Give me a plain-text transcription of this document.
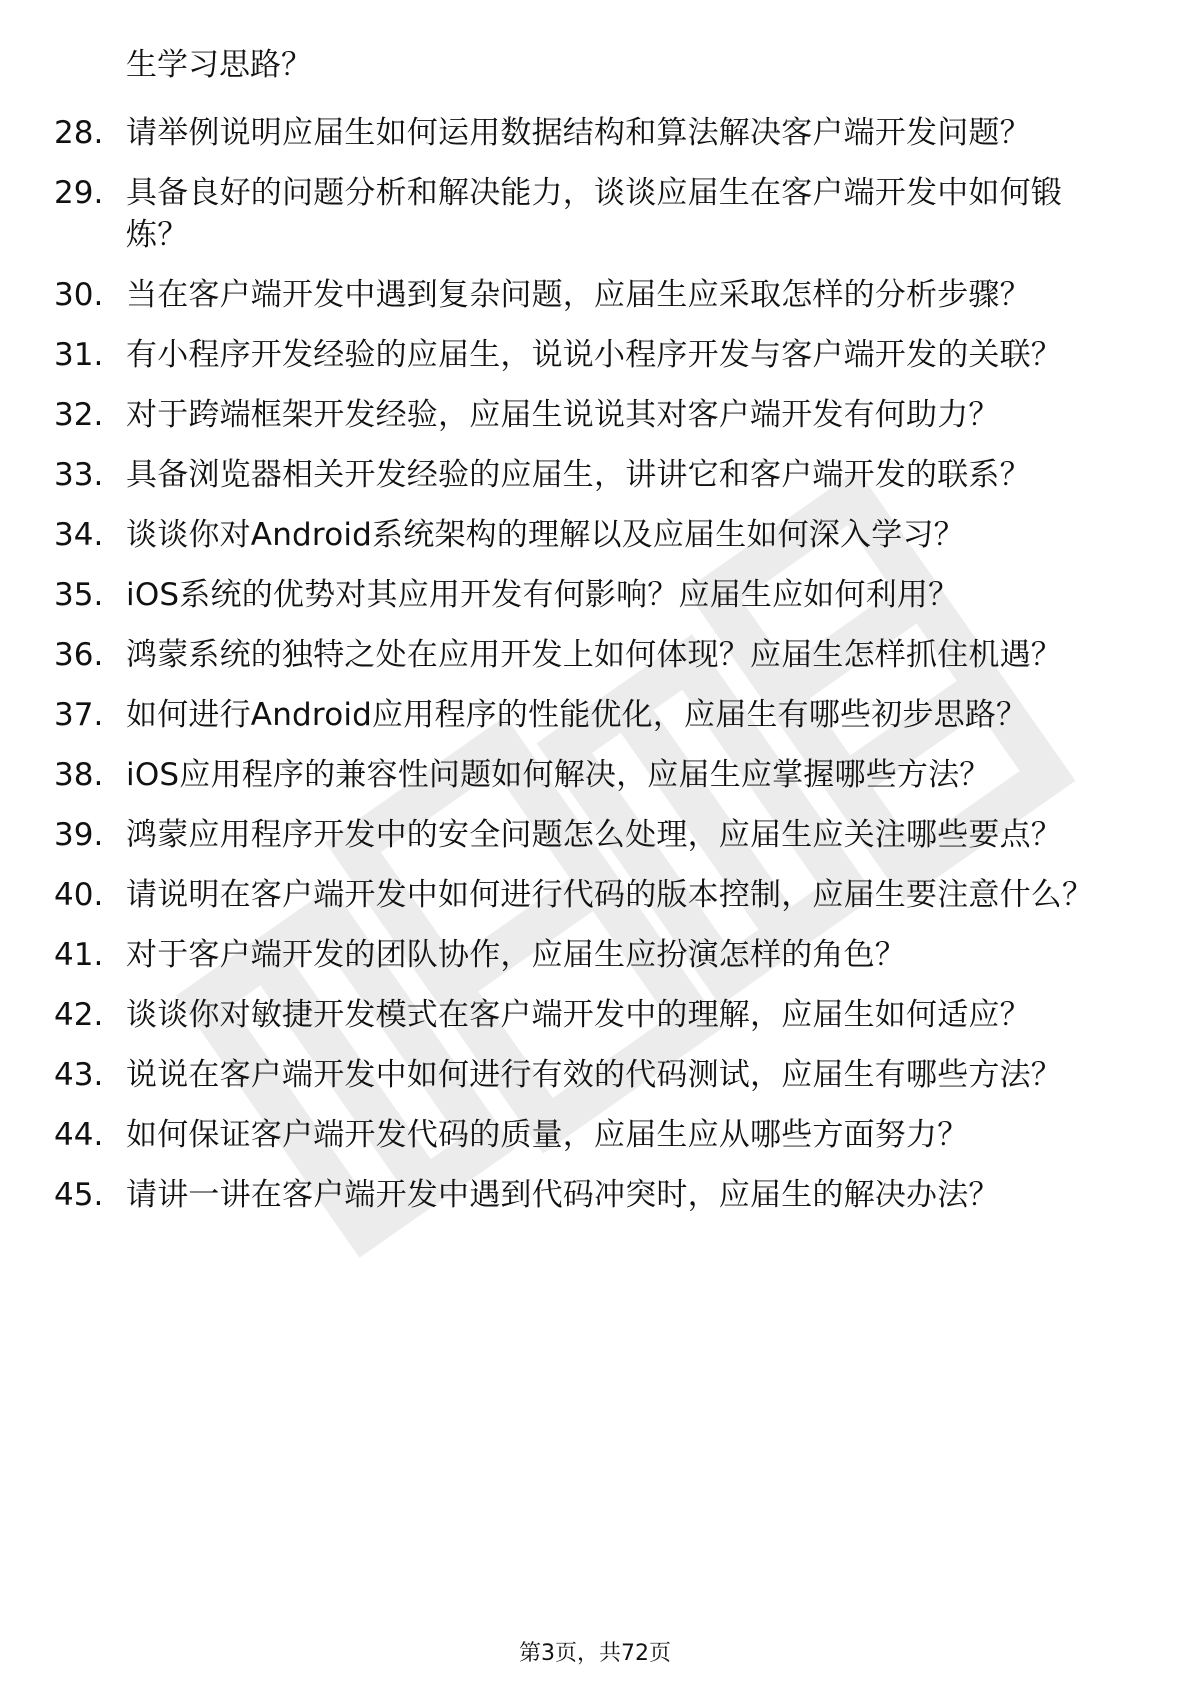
生学习思路？
28. 请举例说明应届生如何运用数据结构和算法解决客户端开发问题？
29. 具备良好的问题分析和解决能力，谈谈应届生在客户端开发中如何锻炼？
30. 当在客户端开发中遇到复杂问题，应届生应采取怎样的分析步骤？
31. 有小程序开发经验的应届生，说说小程序开发与客户端开发的关联？
32. 对于跨端框架开发经验，应届生说说其对客户端开发有何助力？
33. 具备浏览器相关开发经验的应届生，讲讲它和客户端开发的联系？
34. 谈谈你对Android系统架构的理解以及应届生如何深入学习？
35. iOS系统的优势对其应用开发有何影响？应届生应如何利用？
36. 鸿蒙系统的独特之处在应用开发上如何体现？应届生怎样抓住机遇？
37. 如何进行Android应用程序的性能优化，应届生有哪些初步思路？
38. iOS应用程序的兼容性问题如何解决，应届生应掌握哪些方法？
39. 鸿蒙应用程序开发中的安全问题怎么处理，应届生应关注哪些要点？
40. 请说明在客户端开发中如何进行代码的版本控制，应届生要注意什么？
41. 对于客户端开发的团队协作，应届生应扮演怎样的角色？
42. 谈谈你对敏捷开发模式在客户端开发中的理解，应届生如何适应？
43. 说说在客户端开发中如何进行有效的代码测试，应届生有哪些方法？
44. 如何保证客户端开发代码的质量，应届生应从哪些方面努力？
45. 请讲一讲在客户端开发中遇到代码冲突时，应届生的解决办法？
第3页，共72页
